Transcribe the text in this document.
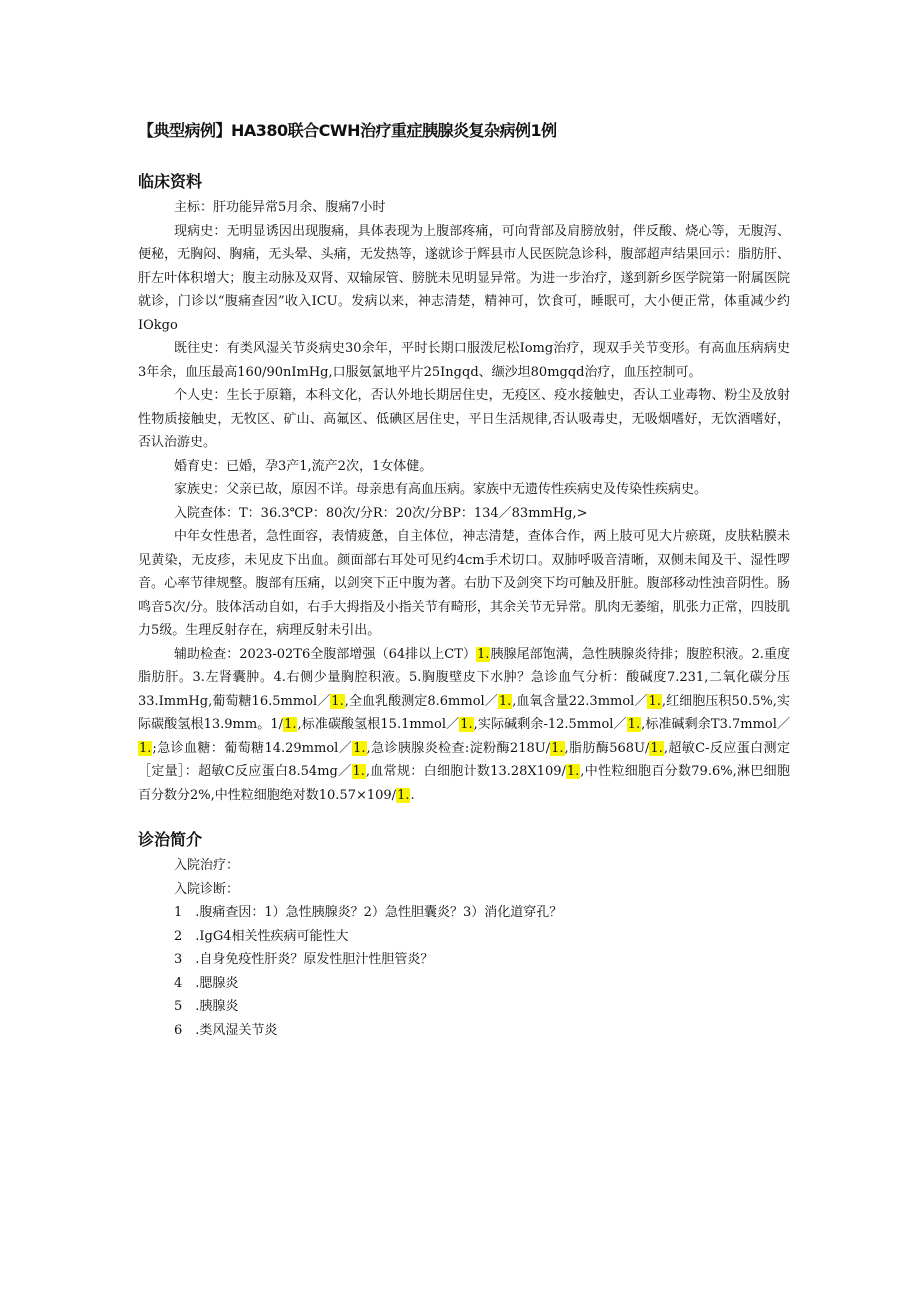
【典型病例】HA380联合CWH治疗重症胰腺炎复杂病例1例
临床资料

主标：肝功能异常5月余、腹痛7小时

现病史：无明显诱因出现腹痛，具体表现为上腹部疼痛，可向背部及肩膀放射，伴反酸、烧心等，无腹泻、便秘，无胸闷、胸痛，无头晕、头痛，无发热等，遂就诊于辉县市人民医院急诊科，腹部超声结果回示：脂肪肝、肝左叶体积增大；腹主动脉及双肾、双输尿管、膀胱未见明显异常。为进一步治疗，遂到新乡医学院第一附属医院就诊，门诊以“腹痛查因”收入ICU。发病以来，神志清楚，精神可，饮食可，睡眠可，大小便正常，体重减少约IOkgo

既往史：有类风湿关节炎病史30余年，平时长期口服泼尼松Iomg治疗，现双手关节变形。有高血压病病史3年余，血压最高160/90nImHg,口服氨氯地平片25Ingqd、缬沙坦80mgqd治疗，血压控制可。

个人史：生长于原籍，本科文化，否认外地长期居住史，无疫区、疫水接触史，否认工业毒物、粉尘及放射性物质接触史，无牧区、矿山、高氟区、低碘区居住史，平日生活规律,否认吸毒史，无吸烟嗜好，无饮酒嗜好，否认治游史。

婚育史：已婚，孕3产1,流产2次，1女体健。

家族史：父亲已故，原因不详。母亲患有高血压病。家族中无遗传性疾病史及传染性疾病史。

入院查体：T：36.3℃P：80次/分R：20次/分BP：134／83mmHg,>

中年女性患者，急性面容，表情疲惫，自主体位，神志清楚，查体合作，两上肢可见大片瘀斑，皮肤粘膜未见黄染，无皮疹，未见皮下出血。颜面部右耳处可见约4cm手术切口。双肺呼吸音清晰，双侧未闻及干、湿性啰音。心率节律规整。腹部有压痛，以剑突下正中腹为著。右肋下及剑突下均可触及肝脏。腹部移动性浊音阴性。肠鸣音5次/分。肢体活动自如，右手大拇指及小指关节有畸形，其余关节无异常。肌肉无萎缩，肌张力正常，四肢肌力5级。生理反射存在，病理反射未引出。

辅助检查：2023-02T6全腹部增强（64排以上CT）1.胰腺尾部饱满，急性胰腺炎待排；腹腔积液。2.重度脂肪肝。3.左肾囊肿。4.右侧少量胸腔积液。5.胸腹壁皮下水肿？急诊血气分析：酸碱度7.231,二氧化碳分压33.ImmHg,葡萄糖16.5mmol／1.,全血乳酸测定8.6mmol／1.,血氧含量22.3mmol／1.,红细胞压积50.5%,实际碳酸氢根13.9mm。1/1.,标准碳酸氢根15.1mmol／1.,实际碱剩余-12.5mmol／1.,标准碱剩余T3.7mmol／1.;急诊血糖：葡萄糖14.29mmol／1.,急诊胰腺炎检查:淀粉酶218U/1.,脂肪酶568U/1.,超敏C-反应蛋白测定［定量］：超敏C反应蛋白8.54mg／1.,血常规：白细胞计数13.28X109/1.,中性粒细胞百分数79.6%,淋巴细胞百分数分2%,中性粒细胞绝对数10.57×109/1..

诊治简介

入院治疗：

入院诊断：

1　.腹痛查因：1）急性胰腺炎？2）急性胆囊炎？3）消化道穿孔？

2　.IgG4相关性疾病可能性大

3　.自身免疫性肝炎？原发性胆汁性胆管炎？

4　.腮腺炎

5　.胰腺炎

6　.类风湿关节炎
